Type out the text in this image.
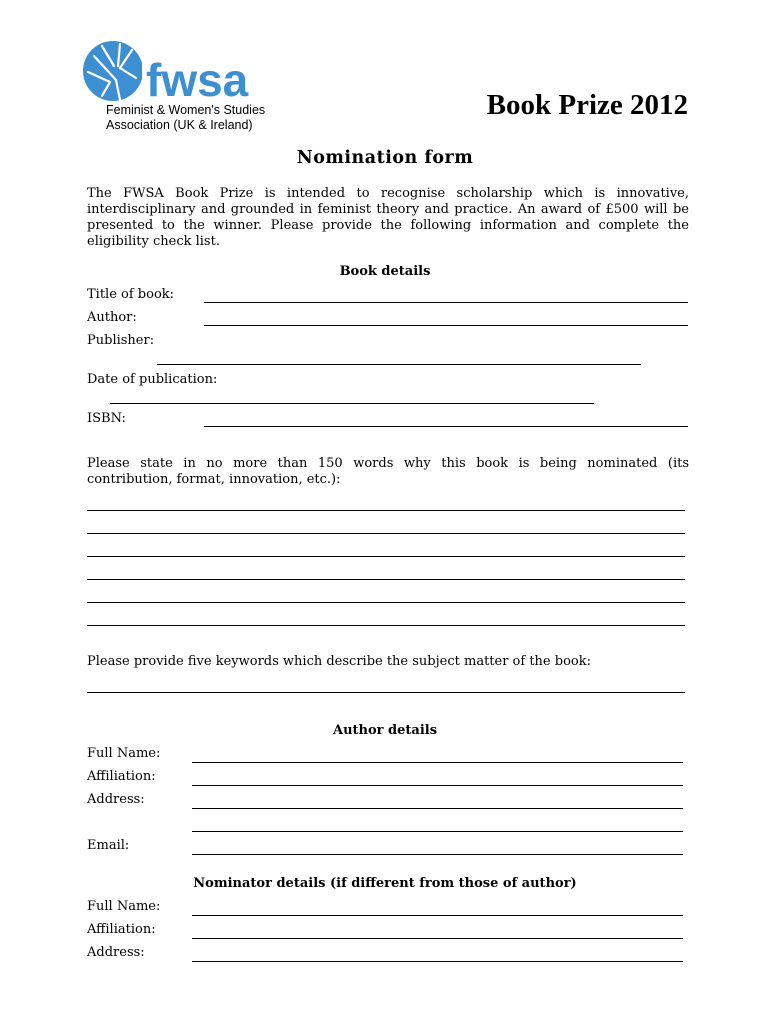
fwsa
Feminist & Women's Studies
Association (UK & Ireland)
Book Prize 2012
Nomination form
The FWSA Book Prize is intended to recognise scholarship which is innovative, interdisciplinary and grounded in feminist theory and practice. An award of £500 will be presented to the winner. Please provide the following information and complete the eligibility check list.
Book details
Title of book:
Author:
Publisher:
Date of publication:
ISBN:
Please state in no more than 150 words why this book is being nominated (its contribution, format, innovation, etc.):
Please provide five keywords which describe the subject matter of the book:
Author details
Full Name:
Affiliation:
Address:
Email:
Nominator details (if different from those of author)
Full Name:
Affiliation:
Address:
